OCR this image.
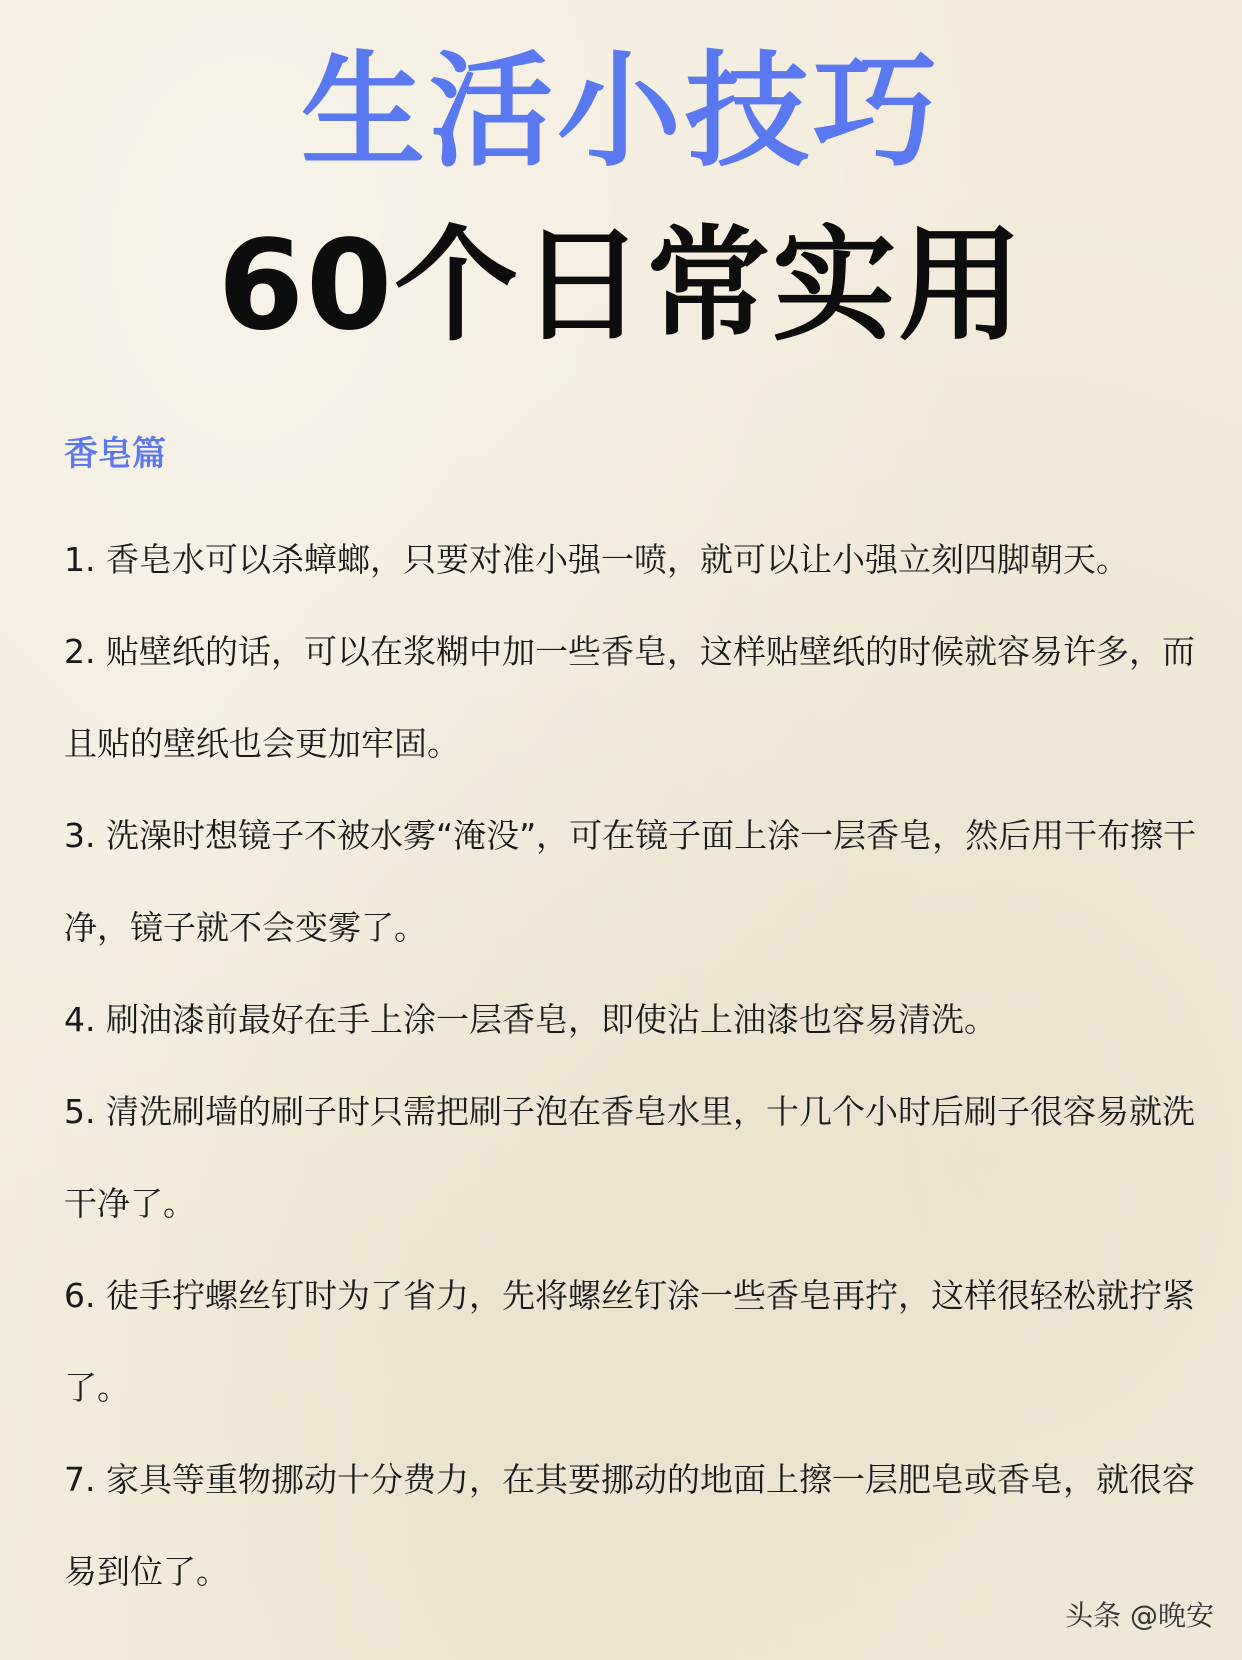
生活小技巧
60个日常实用
香皂篇
1. 香皂水可以杀蟑螂，只要对准小强一喷，就可以让小强立刻四脚朝天。
2. 贴壁纸的话，可以在浆糊中加一些香皂，这样贴壁纸的时候就容易许多，而且贴的壁纸也会更加牢固。
3. 洗澡时想镜子不被水雾“淹没”，可在镜子面上涂一层香皂，然后用干布擦干净，镜子就不会变雾了。
4. 刷油漆前最好在手上涂一层香皂，即使沾上油漆也容易清洗。
5. 清洗刷墙的刷子时只需把刷子泡在香皂水里，十几个小时后刷子很容易就洗干净了。
6. 徒手拧螺丝钉时为了省力，先将螺丝钉涂一些香皂再拧，这样很轻松就拧紧了。
7. 家具等重物挪动十分费力，在其要挪动的地面上擦一层肥皂或香皂，就很容易到位了。
头条 @晚安
